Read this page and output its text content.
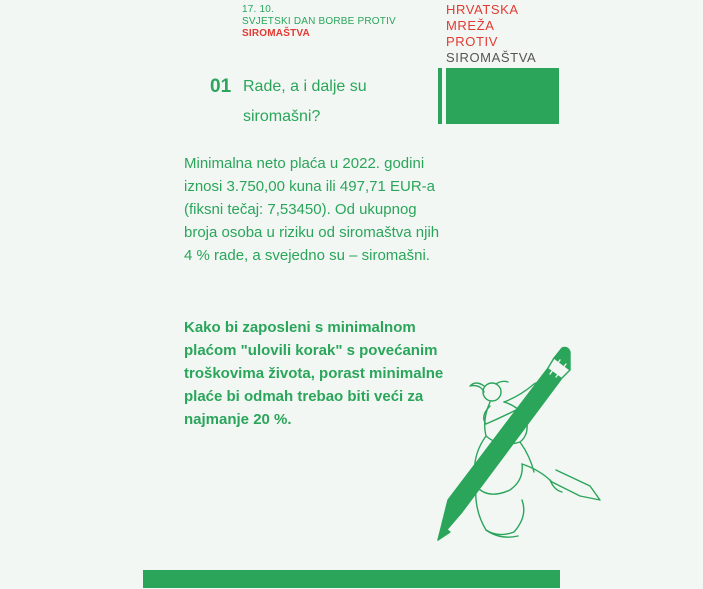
17. 10.
SVJETSKI DAN BORBE PROTIV
SIROMAŠTVA
HRVATSKA
MREŽA
PROTIV
SIROMAŠTVA
01 Rade, a i dalje su siromašni?
Minimalna neto plaća u 2022. godini iznosi 3.750,00 kuna ili 497,71 EUR-a (fiksni tečaj: 7,53450). Od ukupnog broja osoba u riziku od siromaštva njih 4 % rade, a svejedno su – siromašni.
Kako bi zaposleni s minimalnom plaćom "ulovili korak" s povećanim troškovima života, porast minimalne plaće bi odmah trebao biti veći za najmanje 20 %.
